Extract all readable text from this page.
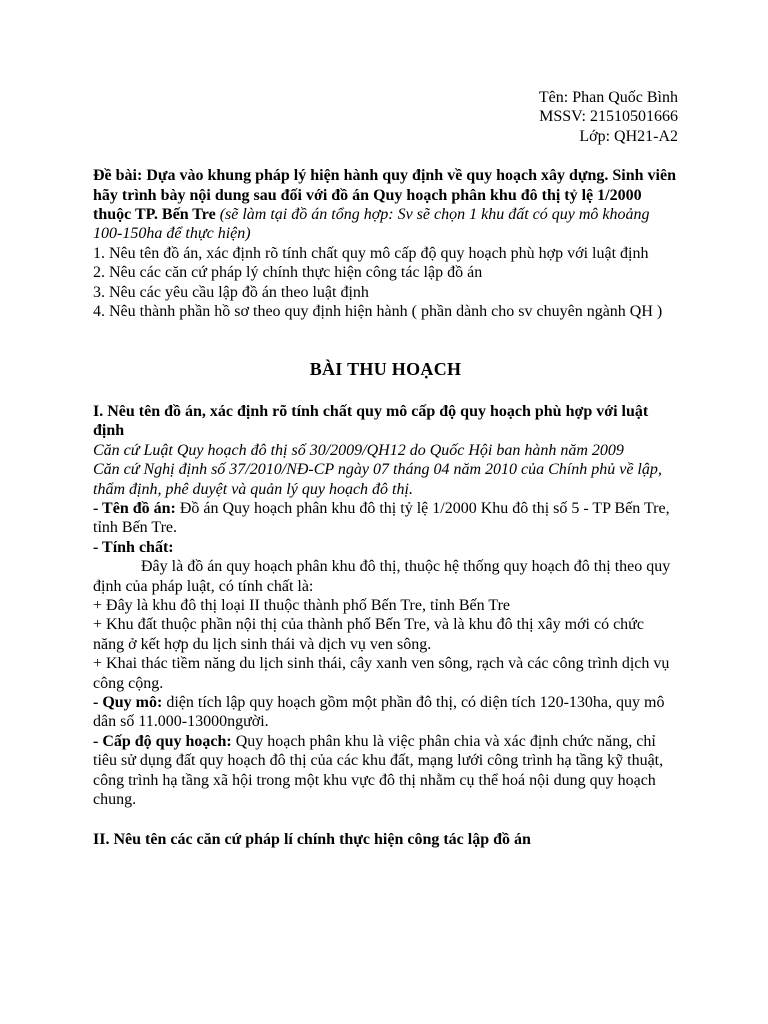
Tên: Phan Quốc Bình

MSSV: 21510501666

Lớp: QH21-A2

Đề bài: Dựa vào khung pháp lý hiện hành quy định về quy hoạch xây dựng. Sinh viên hãy trình bày nội dung sau đối với đồ án Quy hoạch phân khu đô thị tỷ lệ 1/2000 thuộc TP. Bến Tre (sẽ làm tại đồ án tổng hợp: Sv sẽ chọn 1 khu đất có quy mô khoảng 100-150ha để thực hiện)

1. Nêu tên đồ án, xác định rõ tính chất quy mô cấp độ quy hoạch phù hợp với luật định

2. Nêu các căn cứ pháp lý chính thực hiện công tác lập đồ án

3. Nêu các yêu cầu lập đồ án theo luật định

4. Nêu thành phần hồ sơ theo quy định hiện hành ( phần dành cho sv chuyên ngành QH )

BÀI THU HOẠCH

I. Nêu tên đồ án, xác định rõ tính chất quy mô cấp độ quy hoạch phù hợp với luật định

Căn cứ Luật Quy hoạch đô thị số 30/2009/QH12 do Quốc Hội ban hành năm 2009

Căn cứ Nghị định số 37/2010/NĐ-CP ngày 07 tháng 04 năm 2010 của Chính phủ về lập, thẩm định, phê duyệt và quản lý quy hoạch đô thị.

- Tên đồ án: Đồ án Quy hoạch phân khu đô thị tỷ lệ 1/2000 Khu đô thị số 5 - TP Bến Tre, tỉnh Bến Tre.

- Tính chất:

Đây là đồ án quy hoạch phân khu đô thị, thuộc hệ thống quy hoạch đô thị theo quy định của pháp luật, có tính chất là:

+ Đây là khu đô thị loại II thuộc thành phố Bến Tre, tỉnh Bến Tre

+ Khu đất thuộc phần nội thị của thành phố Bến Tre, và là khu đô thị xây mới có chức năng ở kết hợp du lịch sinh thái và dịch vụ ven sông.

+ Khai thác tiềm năng du lịch sinh thái, cây xanh ven sông, rạch và các công trình dịch vụ công cộng.

- Quy mô: diện tích lập quy hoạch gồm một phần đô thị, có diện tích 120-130ha, quy mô dân số 11.000-13000người.

- Cấp độ quy hoạch: Quy hoạch phân khu là việc phân chia và xác định chức năng, chỉ tiêu sử dụng đất quy hoạch đô thị của các khu đất, mạng lưới công trình hạ tầng kỹ thuật, công trình hạ tầng xã hội trong một khu vực đô thị nhằm cụ thể hoá nội dung quy hoạch chung.

II. Nêu tên các căn cứ pháp lí chính thực hiện công tác lập đồ án
